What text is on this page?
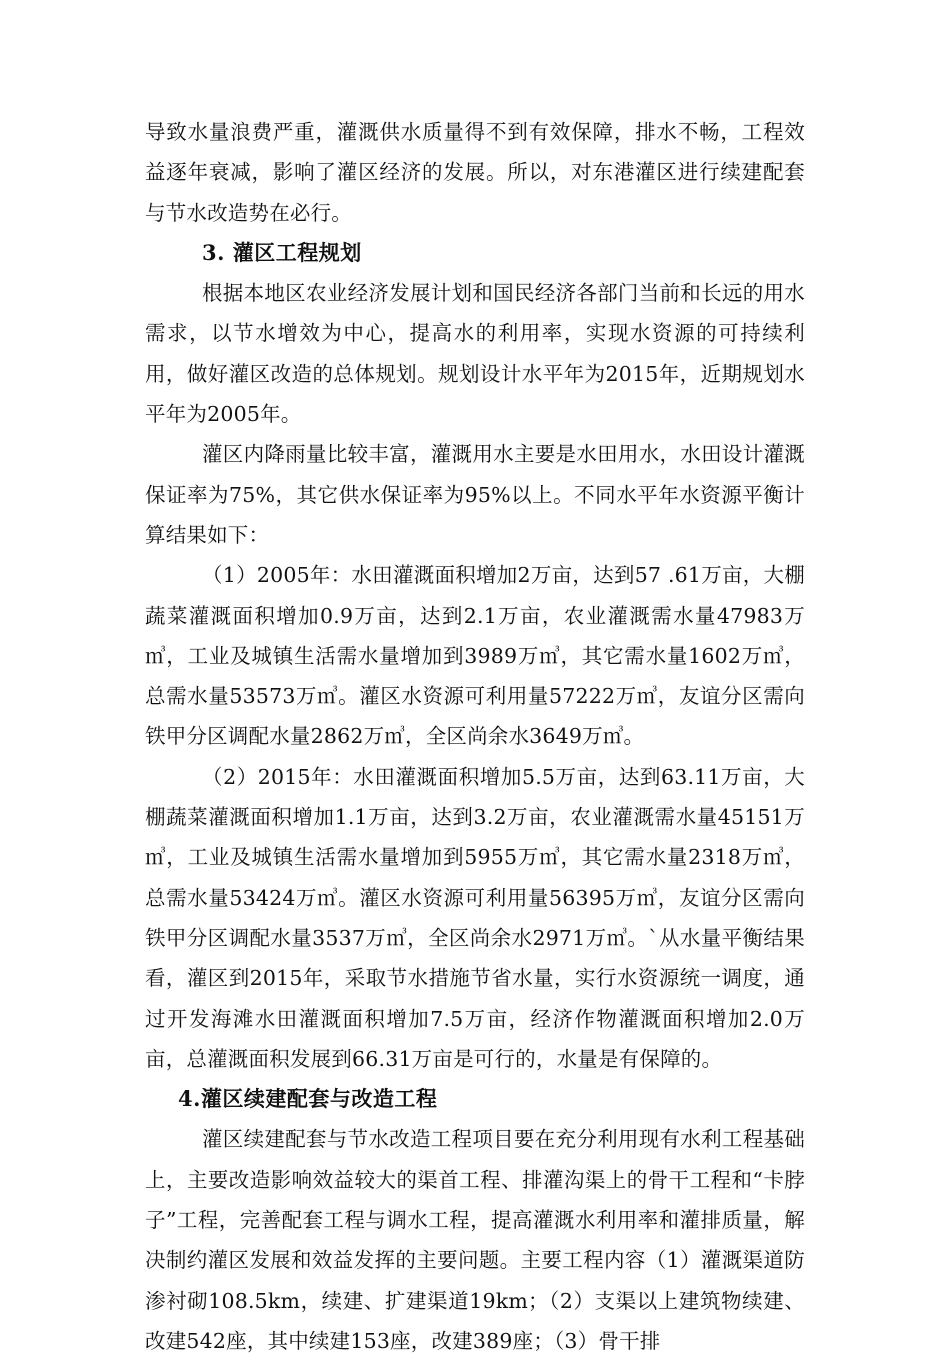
导致水量浪费严重，灌溉供水质量得不到有效保障，排水不畅，工程效益逐年衰减，影响了灌区经济的发展。所以，对东港灌区进行续建配套与节水改造势在必行。

3. 灌区工程规划

根据本地区农业经济发展计划和国民经济各部门当前和长远的用水需求，以节水增效为中心，提高水的利用率，实现水资源的可持续利用，做好灌区改造的总体规划。规划设计水平年为2015年，近期规划水平年为2005年。

灌区内降雨量比较丰富，灌溉用水主要是水田用水，水田设计灌溉保证率为75%，其它供水保证率为95%以上。不同水平年水资源平衡计算结果如下：

（1）2005年：水田灌溉面积增加2万亩，达到57 .61万亩，大棚蔬菜灌溉面积增加0.9万亩，达到2.1万亩，农业灌溉需水量47983万㎥，工业及城镇生活需水量增加到3989万㎥，其它需水量1602万㎥，总需水量53573万㎥。灌区水资源可利用量57222万㎥，友谊分区需向铁甲分区调配水量2862万㎥，全区尚余水3649万㎥。

（2）2015年：水田灌溉面积增加5.5万亩，达到63.11万亩，大棚蔬菜灌溉面积增加1.1万亩，达到3.2万亩，农业灌溉需水量45151万㎥，工业及城镇生活需水量增加到5955万㎥，其它需水量2318万㎥，总需水量53424万㎥。灌区水资源可利用量56395万㎥，友谊分区需向铁甲分区调配水量3537万㎥，全区尚余水2971万㎥。`从水量平衡结果看，灌区到2015年，采取节水措施节省水量，实行水资源统一调度，通过开发海滩水田灌溉面积增加7.5万亩，经济作物灌溉面积增加2.0万亩，总灌溉面积发展到66.31万亩是可行的，水量是有保障的。

4.灌区续建配套与改造工程

灌区续建配套与节水改造工程项目要在充分利用现有水利工程基础上，主要改造影响效益较大的渠首工程、排灌沟渠上的骨干工程和“卡脖子”工程，完善配套工程与调水工程，提高灌溉水利用率和灌排质量，解决制约灌区发展和效益发挥的主要问题。主要工程内容（1）灌溉渠道防渗衬砌108.5km，续建、扩建渠道19km；（2）支渠以上建筑物续建、改建542座，其中续建153座，改建389座；（3）骨干排
